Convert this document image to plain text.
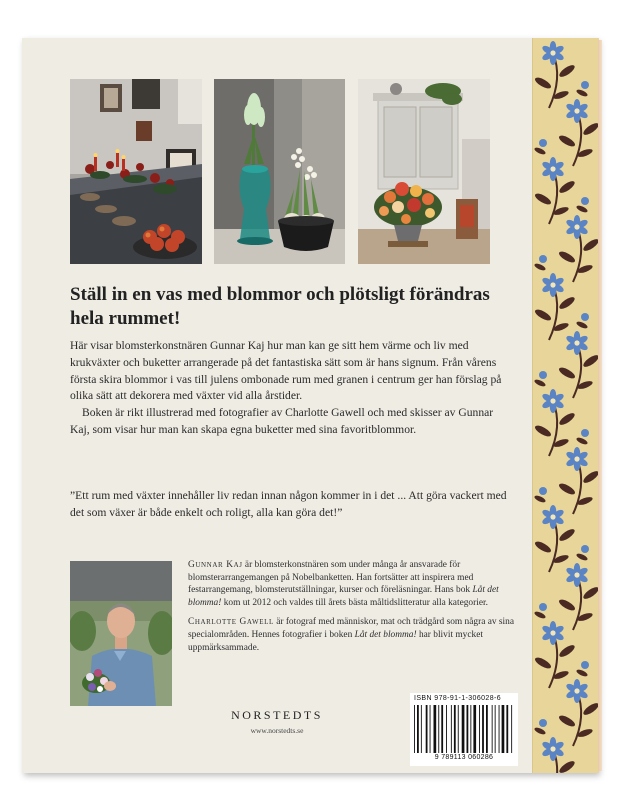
Ställ in en vas med blommor och plötsligt förändras hela rummet!

Här visar blomsterkonstnären Gunnar Kaj hur man kan ge sitt hem värme och liv med krukväxter och buketter arrangerade på det fantastiska sätt som är hans signum. Från vårens första skira blommor i vas till julens ombonade rum med granen i centrum ger han förslag på olika sätt att dekorera med växter vid alla årstider.

Boken är rikt illustrerad med fotografier av Charlotte Gawell och med skisser av Gunnar Kaj, som visar hur man kan skapa egna buketter med sina favoritblommor.

”Ett rum med växter innehåller liv redan innan någon kommer in i det ... Att göra vackert med det som växer är både enkelt och roligt, alla kan göra det!”

Gunnar Kaj är blomsterkonstnären som under många år ansvarade för blomsterarrangemangen på Nobelbanketten. Han fortsätter att inspirera med festarrangemang, blomsterutställningar, kurser och föreläsningar. Hans bok Låt det blomma! kom ut 2012 och valdes till årets bästa måltidslitteratur alla kategorier.

Charlotte Gawell är fotograf med människor, mat och trädgård som några av sina specialområden. Hennes fotografier i boken Låt det blomma! har blivit mycket uppmärksammade.

NORSTEDTS
www.norstedts.se
ISBN 978-91-1-306028-6
9 789113 060286
